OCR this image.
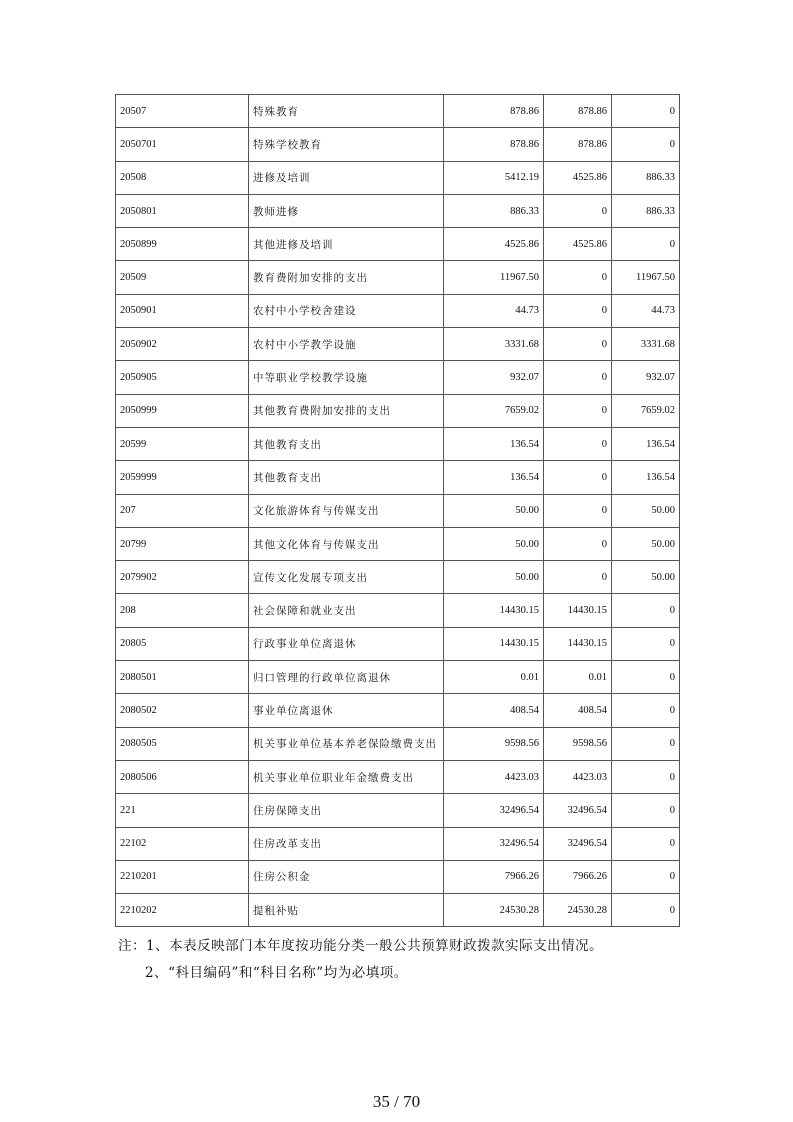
20507	特殊教育	878.86	878.86	0
2050701	特殊学校教育	878.86	878.86	0
20508	进修及培训	5412.19	4525.86	886.33
2050801	教师进修	886.33	0	886.33
2050899	其他进修及培训	4525.86	4525.86	0
20509	教育费附加安排的支出	11967.50	0	11967.50
2050901	农村中小学校舍建设	44.73	0	44.73
2050902	农村中小学教学设施	3331.68	0	3331.68
2050905	中等职业学校教学设施	932.07	0	932.07
2050999	其他教育费附加安排的支出	7659.02	0	7659.02
20599	其他教育支出	136.54	0	136.54
2059999	其他教育支出	136.54	0	136.54
207	文化旅游体育与传媒支出	50.00	0	50.00
20799	其他文化体育与传媒支出	50.00	0	50.00
2079902	宣传文化发展专项支出	50.00	0	50.00
208	社会保障和就业支出	14430.15	14430.15	0
20805	行政事业单位离退休	14430.15	14430.15	0
2080501	归口管理的行政单位离退休	0.01	0.01	0
2080502	事业单位离退休	408.54	408.54	0
2080505	机关事业单位基本养老保险缴费支出	9598.56	9598.56	0
2080506	机关事业单位职业年金缴费支出	4423.03	4423.03	0
221	住房保障支出	32496.54	32496.54	0
22102	住房改革支出	32496.54	32496.54	0
2210201	住房公积金	7966.26	7966.26	0
2210202	提租补贴	24530.28	24530.28	0
注：1、本表反映部门本年度按功能分类一般公共预算财政拨款实际支出情况。
2、“科目编码”和“科目名称”均为必填项。
35 / 70
